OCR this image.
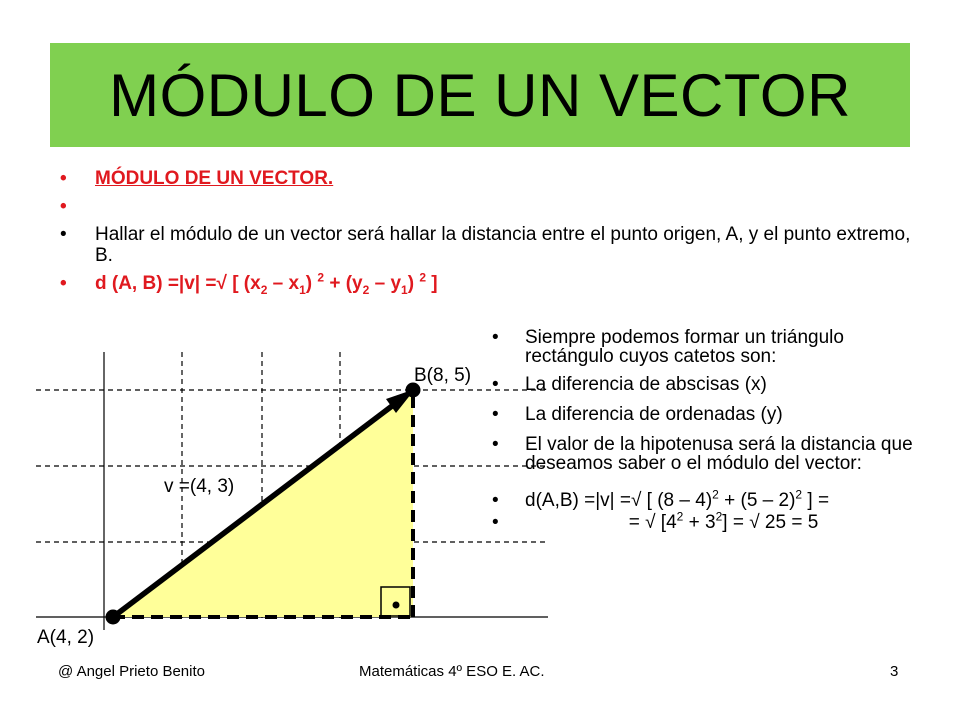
MÓDULO DE UN VECTOR
• MÓDULO DE UN VECTOR.
•
• Hallar el módulo de un vector será hallar la distancia entre el punto origen, A, y el punto extremo, B.
• d (A, B) =|v| =√ [ $(x_2 - x_1) ^2 + (y_2 - y_1)$ $^2$ ]
A(4, 2)
B(8, 5)
v =(4, 3)
• Siempre podemos formar un triángulo rectángulo cuyos catetos son:
• La diferencia de abscisas (x)
• La diferencia de ordenadas (y)
• El valor de la hipotenusa será la distancia que deseamos saber o el módulo del vector:
• d(A,B) =|v| =√ [ (8 – 4)$^2$ + (5 – 2)$^2$ ] =
•	= √ $[4^2 + 3^2]$ = √ 25 = 5
@ Angel Prieto Benito	Matemáticas 4º ESO E. AC.	3
